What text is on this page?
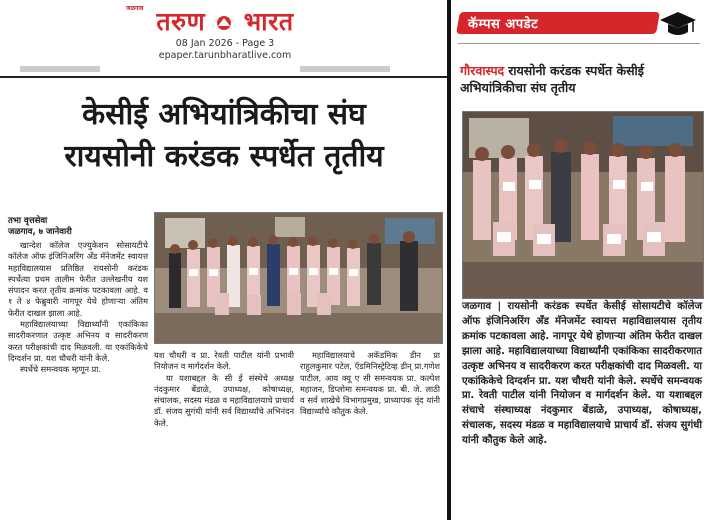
जळगाव तरुण भारत
08 Jan 2026 - Page 3
epaper.tarunbharatlive.com
केसीई अभियांत्रिकीचा संघ
रायसोनी करंडक स्पर्धेत तृतीय
तभा वृत्तसेवा
जळगाव, ७ जानेवारी

खान्देश कॉलेज एज्युकेशन सोसायटीचे कॉलेज ऑफ इंजिनिअरिंग अँड मॅनेजमेंट स्वायत्त महाविद्यालयास प्रतिष्ठित रायसोनी करंडक स्पर्धेत्या प्रथम तालीम फेरीत उल्लेखनीय यश संपादन करत तृतीय क्रमांक पटकावला आहे. व १ ते ४ फेब्रुवारी नागपूर येथे होणाऱ्या अंतिम फेरीत दाखल झाला आहे.

महाविद्यालयाच्या विद्यार्थ्यांनी एकांकिका सादरीकरणात उत्कृष्ट अभिनय व सादरीकरण करत परीक्षकांची दाद मिळवली. या एकांकिकेचे दिग्दर्शन प्रा. यश चौधरी यांनी केले.

स्पर्धेचे समन्वयक म्हणून प्रा.

यश चौधरी व प्रा. रेवती पाटील यांनी प्रभावी नियोजन व मार्गदर्शन केले.

या यशाबद्दल के सी ई संस्थेचे अध्यक्ष नंदकुमार बेंडाळे, उपाध्यक्ष, कोषाध्यक्ष, संचालक, सदस्य मंडळ व महाविद्यालयाचे प्राचार्य डॉ. संजय सुगंधी यांनी सर्व विद्यार्थ्यांचे अभिनंदन केले.

महाविद्यालयाचे अकॅडमिक डीन प्रा राहुलकुमार पटेल, ऍडमिनिस्ट्रेटिव्ह डीन् प्रा.गणेश पाटील, आय क्यू ए सी समन्वयक प्रा. कल्पेश महाजन, डिप्लोमा समन्वयक प्रा. बी. जे. लाठी व सर्व शाखेचे विभागप्रमुख, प्राध्यापक वृंद यांनी विद्यार्थ्यांचे कौतुक केले.

कॅम्पस अपडेट
गौरवास्पद रायसोनी करंडक स्पर्धेत केसीई अभियांत्रिकीचा संघ तृतीय
जळगाव | रायसोनी करंडक स्पर्धेत केसीई सोसायटीचे कॉलेज ऑफ इंजिनिअरिंग अँड मॅनेजमेंट स्वायत्त महाविद्यालयास तृतीय क्रमांक पटकावला आहे. नागपूर येथे होणाऱ्या अंतिम फेरीत दाखल झाला आहे. महाविद्यालयाच्या विद्यार्थ्यांनी एकांकिका सादरीकरणात उत्कृष्ट अभिनय व सादरीकरण करत परीक्षकांची दाद मिळवली. या एकांकिकेचे दिग्दर्शन प्रा. यश चौधरी यांनी केले. स्पर्धेचे समन्वयक प्रा. रेवती पाटील यांनी नियोजन व मार्गदर्शन केले. या यशाबद्दल संचाचे संस्थाध्यक्ष नंदकुमार बेंडाळे, उपाध्यक्ष, कोषाध्यक्ष, संचालक, सदस्य मंडळ व महाविद्यालयाचे प्राचार्य डॉ. संजय सुगंधी यांनी कौतुक केले आहे.
